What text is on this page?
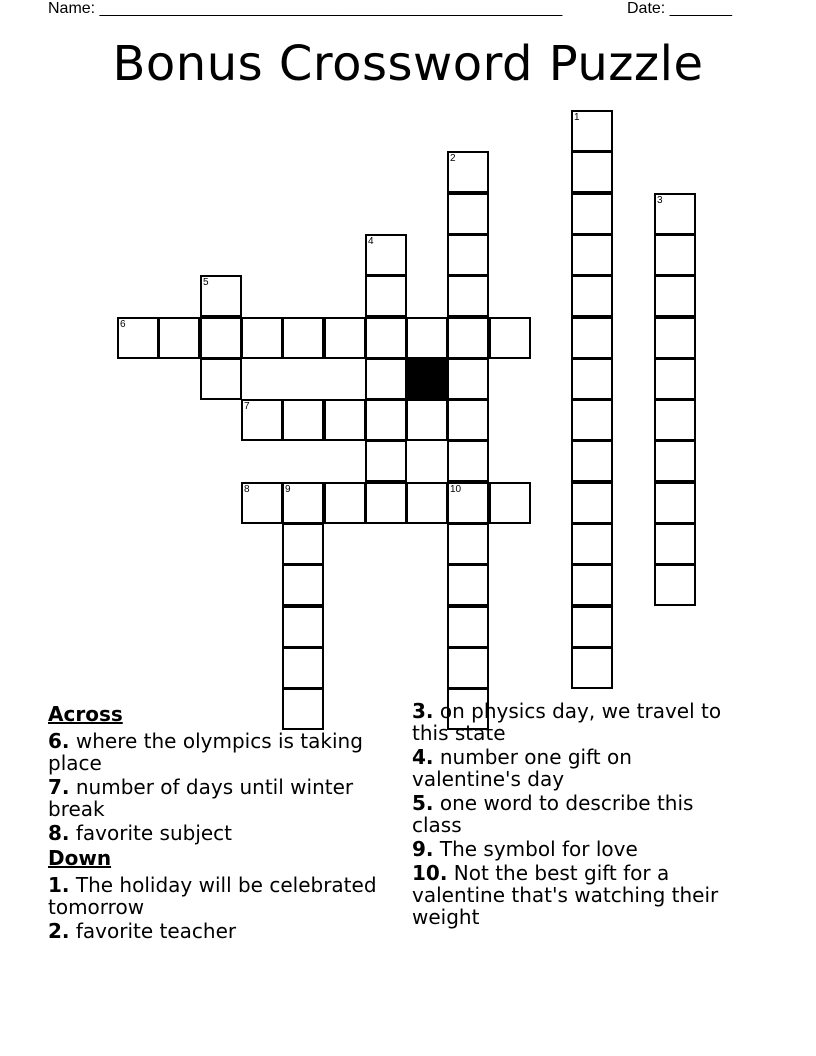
Name: ____________________________________________________	Date: _______
Bonus Crossword Puzzle
1
2
10
3
4
5
6
7
8	9
Across
6. where the olympics is taking place
7. number of days until winter break
8. favorite subject
Down
1. The holiday will be celebrated tomorrow
2. favorite teacher
3. on physics day, we travel to this state
4. number one gift on valentine's day
5. one word to describe this class
9. The symbol for love
10. Not the best gift for a valentine that's watching their weight
